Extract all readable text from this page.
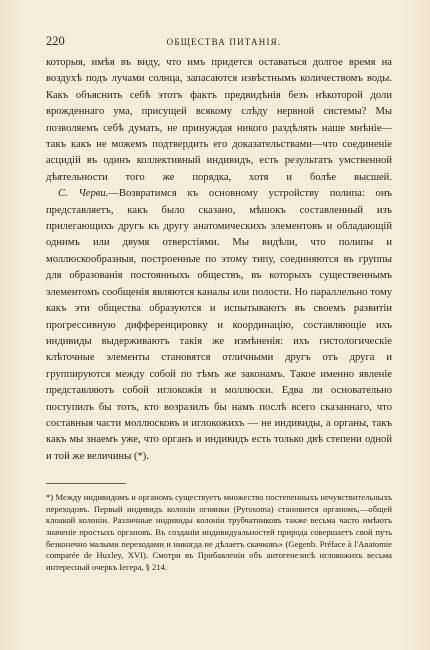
220	ОБЩЕСТВА ПИТАНІЯ.

которыя, имѣя въ виду, что имъ придется оставаться долгое время на воздухѣ подъ лучами солнца, запасаются извѣстнымъ количествомъ воды. Какъ объяснить себѣ этотъ фактъ предвидѣнія безъ нѣкоторой доли врожденнаго ума, присущей всякому слѣду нервной системы? Мы позволяемъ себѣ думать, не принуждая никого раздѣлять наше мнѣніе—такъ какъ не можемъ подтвердить его доказательствами—что соединеніе асцидій въ одинъ коллективный индивидъ, есть результатъ умственной дѣятельности того же порядка, хотя и болѣе высшей.

C. Черви.—Возвратимся къ основному устройству полипа: онъ представляетъ, какъ было сказано, мѣшокъ составленный изъ прилегающихъ другъ къ другу анатомическихъ элементовъ и обладающій однимъ или двумя отверстіями. Мы видѣли, что полипы и моллюскообразныя, построенные по этому типу, соединяются въ группы для образованія постоянныхъ обществъ, въ которыхъ существеннымъ элементомъ сообщенія являются каналы или полости. Но параллельно тому какъ эти общества образуются и испытываютъ въ своемъ развитіи прогрессивную дифференцировку и координацію, составляющіе ихъ индивиды выдерживаютъ такія же измѣненія: ихъ гистологическіе клѣточные элементы становятся отличными другъ отъ друга и группируются между собой по тѣмъ же законамъ. Такое именно явленіе представляютъ собой иглокожія и моллюски. Едва ли основательно поступилъ бы тотъ, кто возразилъ бы намъ послѣ всего сказаннаго, что составныя части моллюсковъ и иглокожихъ — не индивиды, а органы, такъ какъ мы знаемъ уже, что органъ и индивидъ есть только двѣ степени одной и той же величины (*).

*) Между индивидомъ и органомъ существуетъ множество постепенныхъ нечувствительныхъ переходовъ. Первый индивидъ колоніи огнянки (Pyrosoma) становится органомъ,—общей клоакой колоніи. Различные индивиды колоніи трубчатниковъ также весьма часто имѣютъ значеніе простыхъ органовъ. Въ созданіи индивидуальностей природа совершаетъ свой путь безконечно малыми переходами и никогда не дѣлаетъ скачковъ» (Gegenb. Préface à l'Anatomie comparée de Huxley, XVI). Смотри въ Прибавленіи объ антогенезисѣ иглокожихъ весьма интересный очеркъ Іегера, § 214.
